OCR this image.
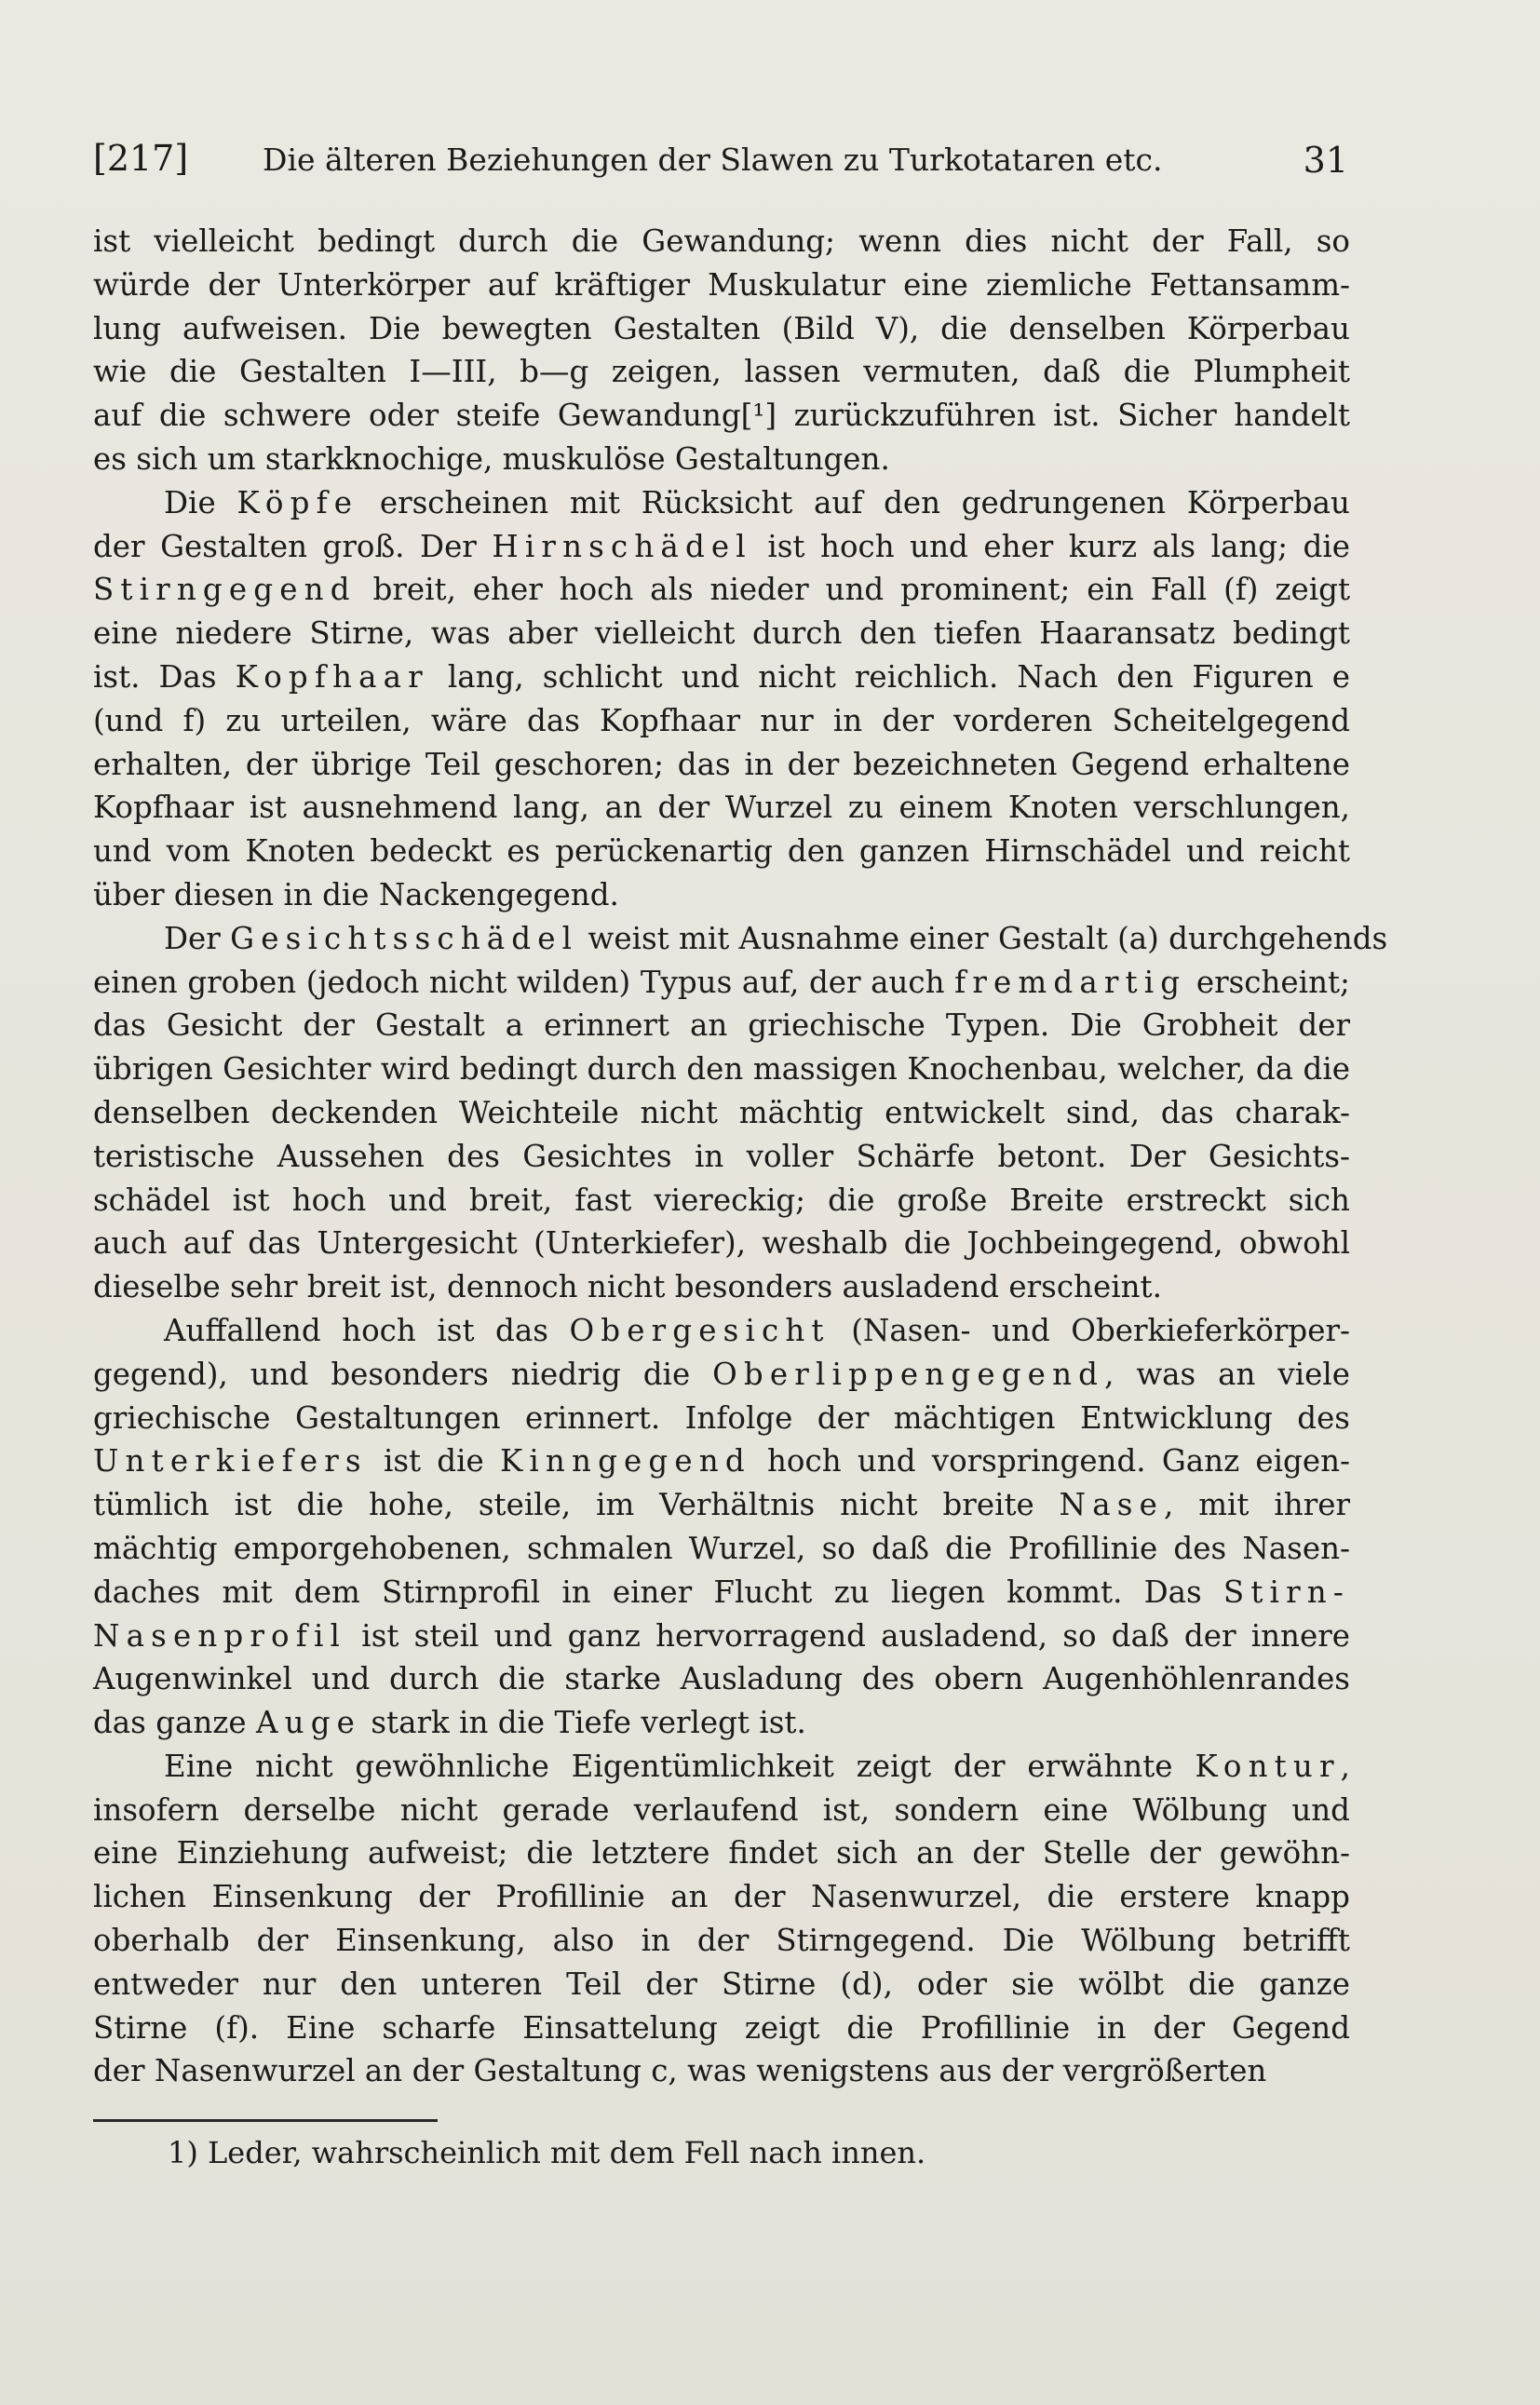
[217] Die älteren Beziehungen der Slawen zu Turkotataren etc.	31

ist vielleicht bedingt durch die Gewandung; wenn dies nicht der Fall, so
würde der Unterkörper auf kräftiger Muskulatur eine ziemliche Fettansamm-
lung aufweisen. Die bewegten Gestalten (Bild V), die denselben Körperbau
wie die Gestalten I—III, b—g zeigen, lassen vermuten, daß die Plumpheit
auf die schwere oder steife Gewandung[¹] zurückzuführen ist. Sicher handelt
es sich um starkknochige, muskulöse Gestaltungen.

Die Köpfe erscheinen mit Rücksicht auf den gedrungenen Körperbau
der Gestalten groß. Der Hirnschädel ist hoch und eher kurz als lang; die
Stirngegend breit, eher hoch als nieder und prominent; ein Fall (f) zeigt
eine niedere Stirne, was aber vielleicht durch den tiefen Haaransatz bedingt
ist. Das Kopfhaar lang, schlicht und nicht reichlich. Nach den Figuren e
(und f) zu urteilen, wäre das Kopfhaar nur in der vorderen Scheitelgegend
erhalten, der übrige Teil geschoren; das in der bezeichneten Gegend erhaltene
Kopfhaar ist ausnehmend lang, an der Wurzel zu einem Knoten verschlungen,
und vom Knoten bedeckt es perückenartig den ganzen Hirnschädel und reicht
über diesen in die Nackengegend.

Der Gesichtsschädel weist mit Ausnahme einer Gestalt (a) durchgehends
einen groben (jedoch nicht wilden) Typus auf, der auch fremdartig erscheint;
das Gesicht der Gestalt a erinnert an griechische Typen. Die Grobheit der
übrigen Gesichter wird bedingt durch den massigen Knochenbau, welcher, da die
denselben deckenden Weichteile nicht mächtig entwickelt sind, das charak-
teristische Aussehen des Gesichtes in voller Schärfe betont. Der Gesichts-
schädel ist hoch und breit, fast viereckig; die große Breite erstreckt sich
auch auf das Untergesicht (Unterkiefer), weshalb die Jochbeingegend, obwohl
dieselbe sehr breit ist, dennoch nicht besonders ausladend erscheint.

Auffallend hoch ist das Obergesicht (Nasen- und Oberkieferkörper-
gegend), und besonders niedrig die Oberlippengegend, was an viele
griechische Gestaltungen erinnert. Infolge der mächtigen Entwicklung des
Unterkiefers ist die Kinngegend hoch und vorspringend. Ganz eigen-
tümlich ist die hohe, steile, im Verhältnis nicht breite Nase, mit ihrer
mächtig emporgehobenen, schmalen Wurzel, so daß die Profillinie des Nasen-
daches mit dem Stirnprofil in einer Flucht zu liegen kommt. Das Stirn-
Nasenprofil ist steil und ganz hervorragend ausladend, so daß der innere
Augenwinkel und durch die starke Ausladung des obern Augenhöhlenrandes
das ganze Auge stark in die Tiefe verlegt ist.

Eine nicht gewöhnliche Eigentümlichkeit zeigt der erwähnte Kontur,
insofern derselbe nicht gerade verlaufend ist, sondern eine Wölbung und
eine Einziehung aufweist; die letztere findet sich an der Stelle der gewöhn-
lichen Einsenkung der Profillinie an der Nasenwurzel, die erstere knapp
oberhalb der Einsenkung, also in der Stirngegend. Die Wölbung betrifft
entweder nur den unteren Teil der Stirne (d), oder sie wölbt die ganze
Stirne (f). Eine scharfe Einsattelung zeigt die Profillinie in der Gegend
der Nasenwurzel an der Gestaltung c, was wenigstens aus der vergrößerten

1) Leder, wahrscheinlich mit dem Fell nach innen.
